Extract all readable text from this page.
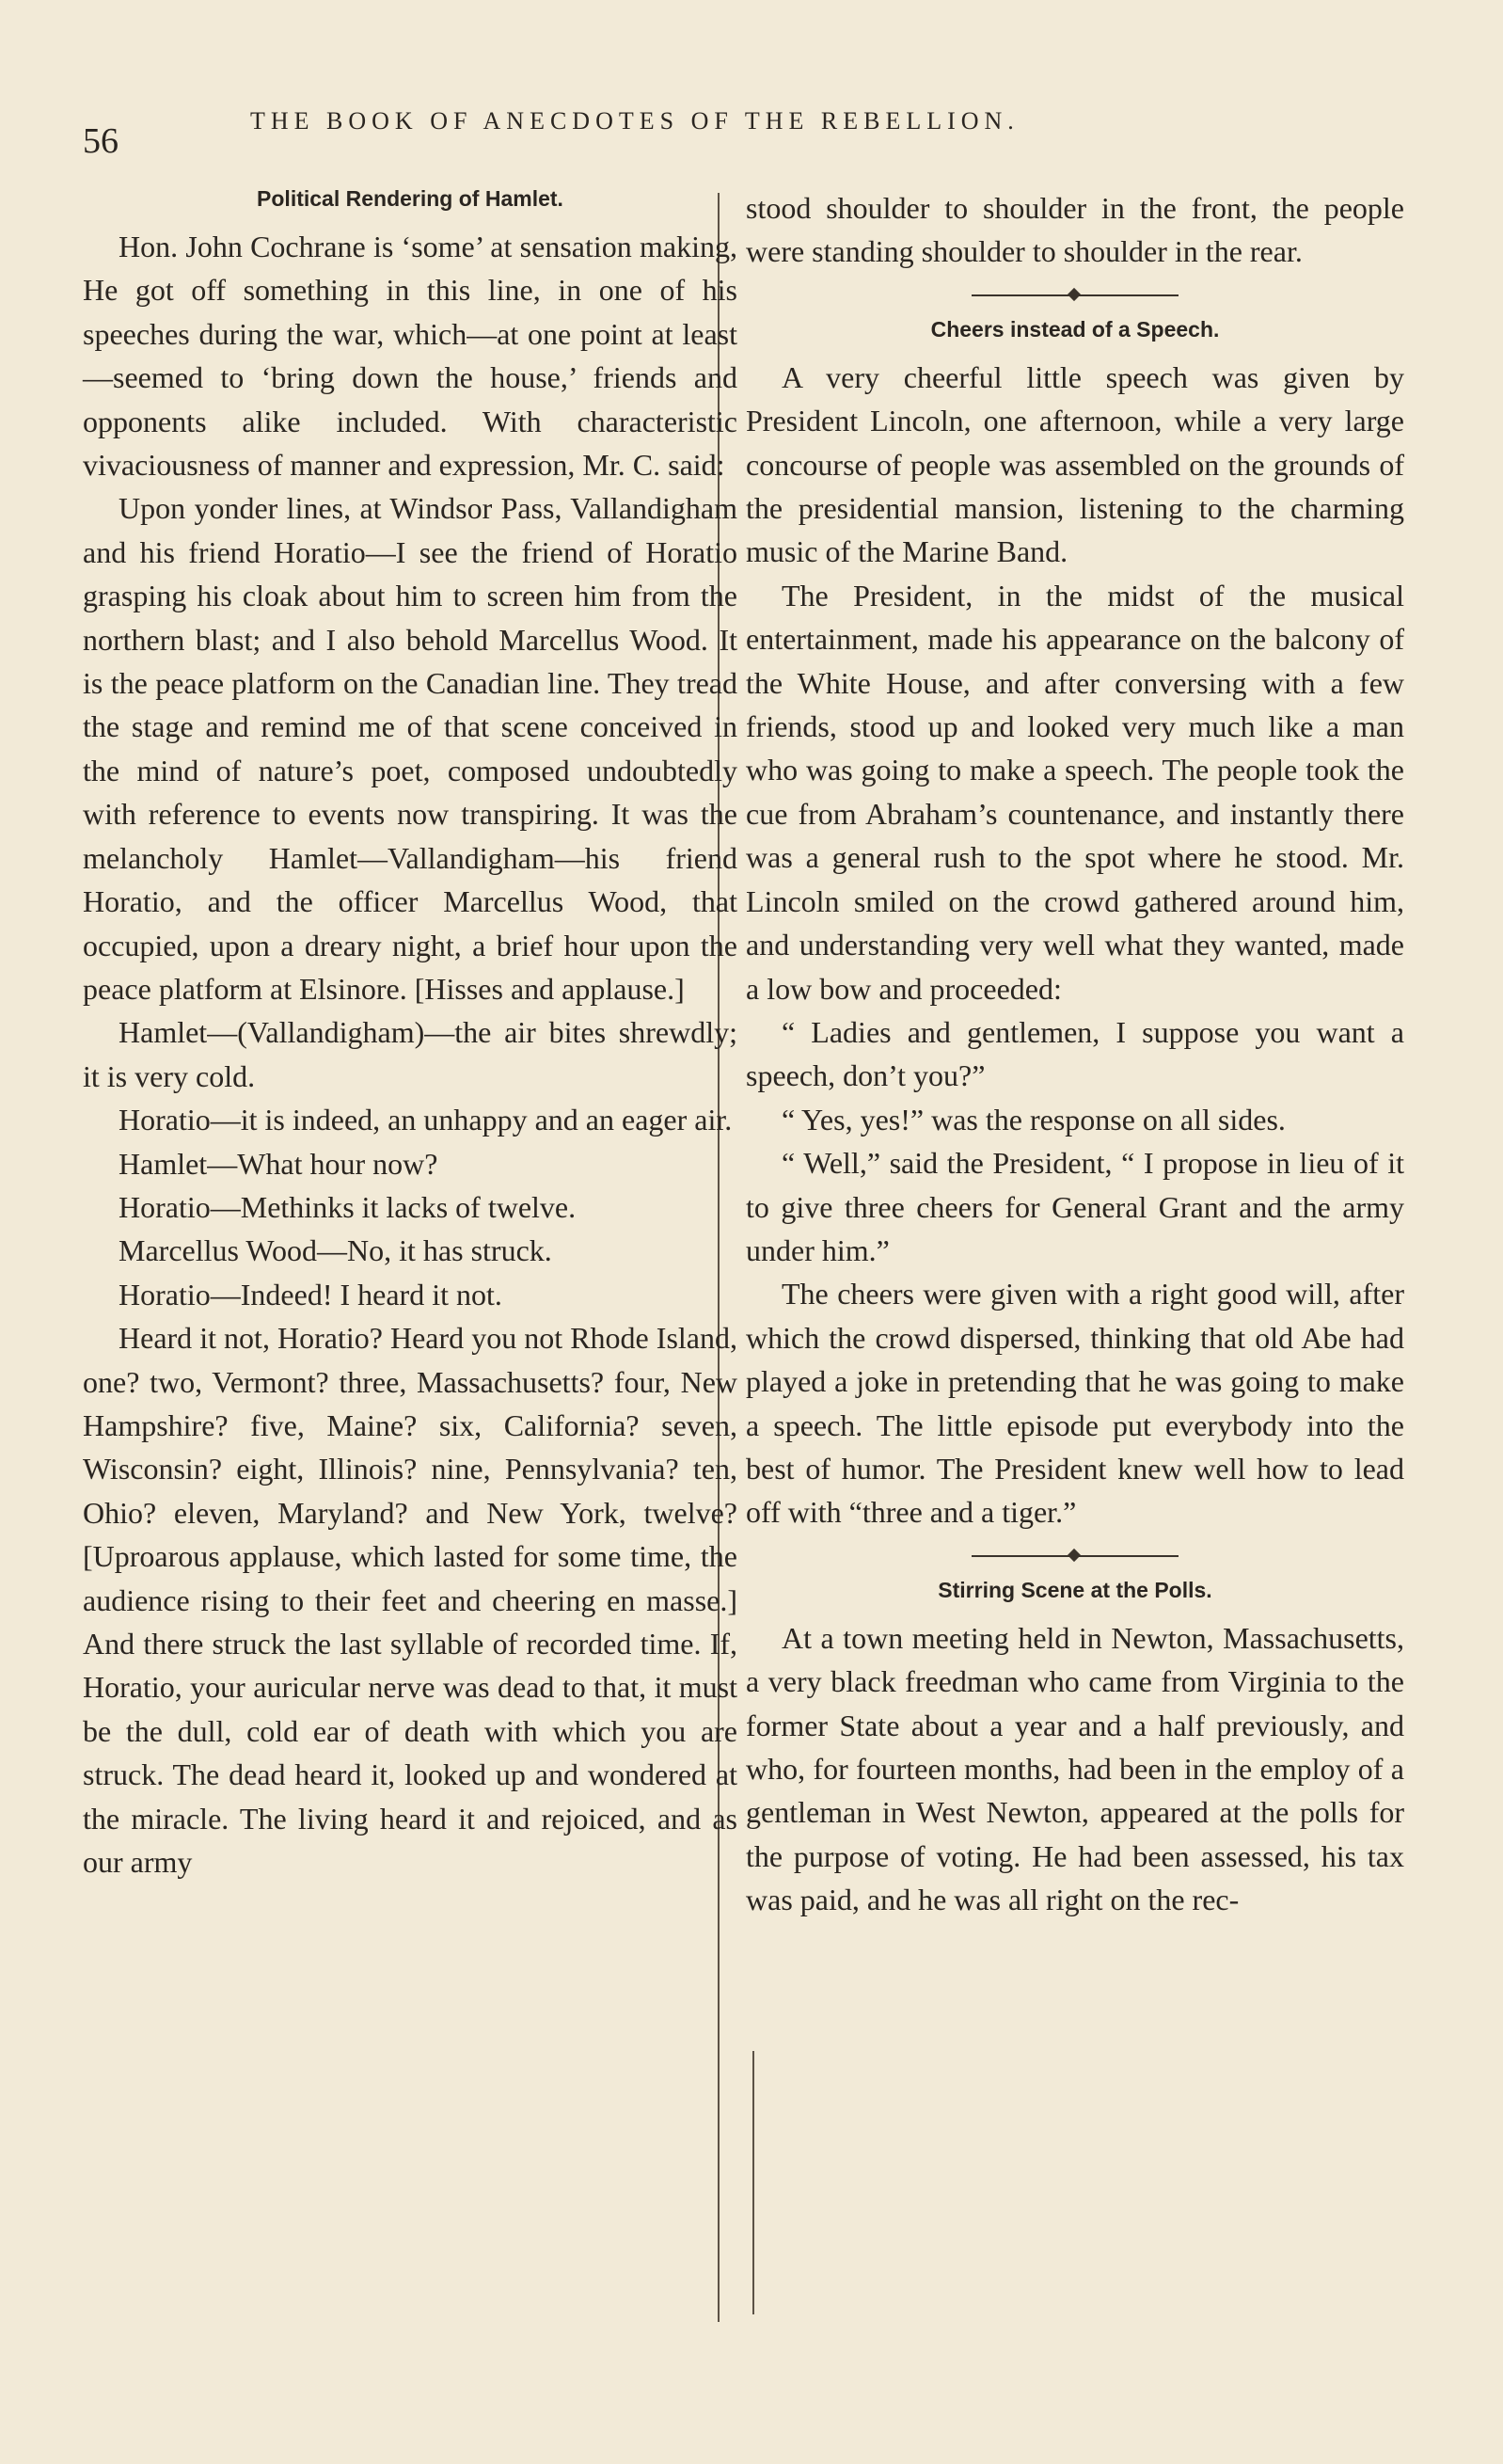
56
THE BOOK OF ANECDOTES OF THE REBELLION.
Political Rendering of Hamlet.

Hon. John Cochrane is ‘some’ at sensation making, He got off something in this line, in one of his speeches during the war, which—at one point at least—seemed to ‘bring down the house,’ friends and opponents alike included. With characteristic vivaciousness of manner and expression, Mr. C. said:

Upon yonder lines, at Windsor Pass, Vallandigham and his friend Horatio—I see the friend of Horatio grasping his cloak about him to screen him from the northern blast; and I also behold Marcellus Wood. It is the peace platform on the Canadian line. They tread the stage and remind me of that scene conceived in the mind of nature’s poet, composed undoubtedly with reference to events now transpiring. It was the melancholy Hamlet—Vallandigham—his friend Horatio, and the officer Marcellus Wood, that occupied, upon a dreary night, a brief hour upon the peace platform at Elsinore. [Hisses and applause.]

Hamlet—(Vallandigham)—the air bites shrewdly; it is very cold.

Horatio—it is indeed, an unhappy and an eager air.

Hamlet—What hour now?

Horatio—Methinks it lacks of twelve.

Marcellus Wood—No, it has struck.

Horatio—Indeed! I heard it not.

Heard it not, Horatio? Heard you not Rhode Island, one? two, Vermont? three, Massachusetts? four, New Hampshire? five, Maine? six, California? seven, Wisconsin? eight, Illinois? nine, Pennsylvania? ten, Ohio? eleven, Maryland? and New York, twelve? [Uproarous applause, which lasted for some time, the audience rising to their feet and cheering en masse.] And there struck the last syllable of recorded time. If, Horatio, your auricular nerve was dead to that, it must be the dull, cold ear of death with which you are struck. The dead heard it, looked up and wondered at the miracle. The living heard it and rejoiced, and as our army

stood shoulder to shoulder in the front, the people were standing shoulder to shoulder in the rear.

Cheers instead of a Speech.

A very cheerful little speech was given by President Lincoln, one afternoon, while a very large concourse of people was assembled on the grounds of the presidential mansion, listening to the charming music of the Marine Band.

The President, in the midst of the musical entertainment, made his appearance on the balcony of the White House, and after conversing with a few friends, stood up and looked very much like a man who was going to make a speech. The people took the cue from Abraham’s countenance, and instantly there was a general rush to the spot where he stood. Mr. Lincoln smiled on the crowd gathered around him, and understanding very well what they wanted, made a low bow and proceeded:

“ Ladies and gentlemen, I suppose you want a speech, don’t you?”

“ Yes, yes!” was the response on all sides.

“ Well,” said the President, “ I propose in lieu of it to give three cheers for General Grant and the army under him.”

The cheers were given with a right good will, after which the crowd dispersed, thinking that old Abe had played a joke in pretending that he was going to make a speech. The little episode put everybody into the best of humor. The President knew well how to lead off with “three and a tiger.”

Stirring Scene at the Polls.

At a town meeting held in Newton, Massachusetts, a very black freedman who came from Virginia to the former State about a year and a half previously, and who, for fourteen months, had been in the employ of a gentleman in West Newton, appeared at the polls for the purpose of voting. He had been assessed, his tax was paid, and he was all right on the rec-
